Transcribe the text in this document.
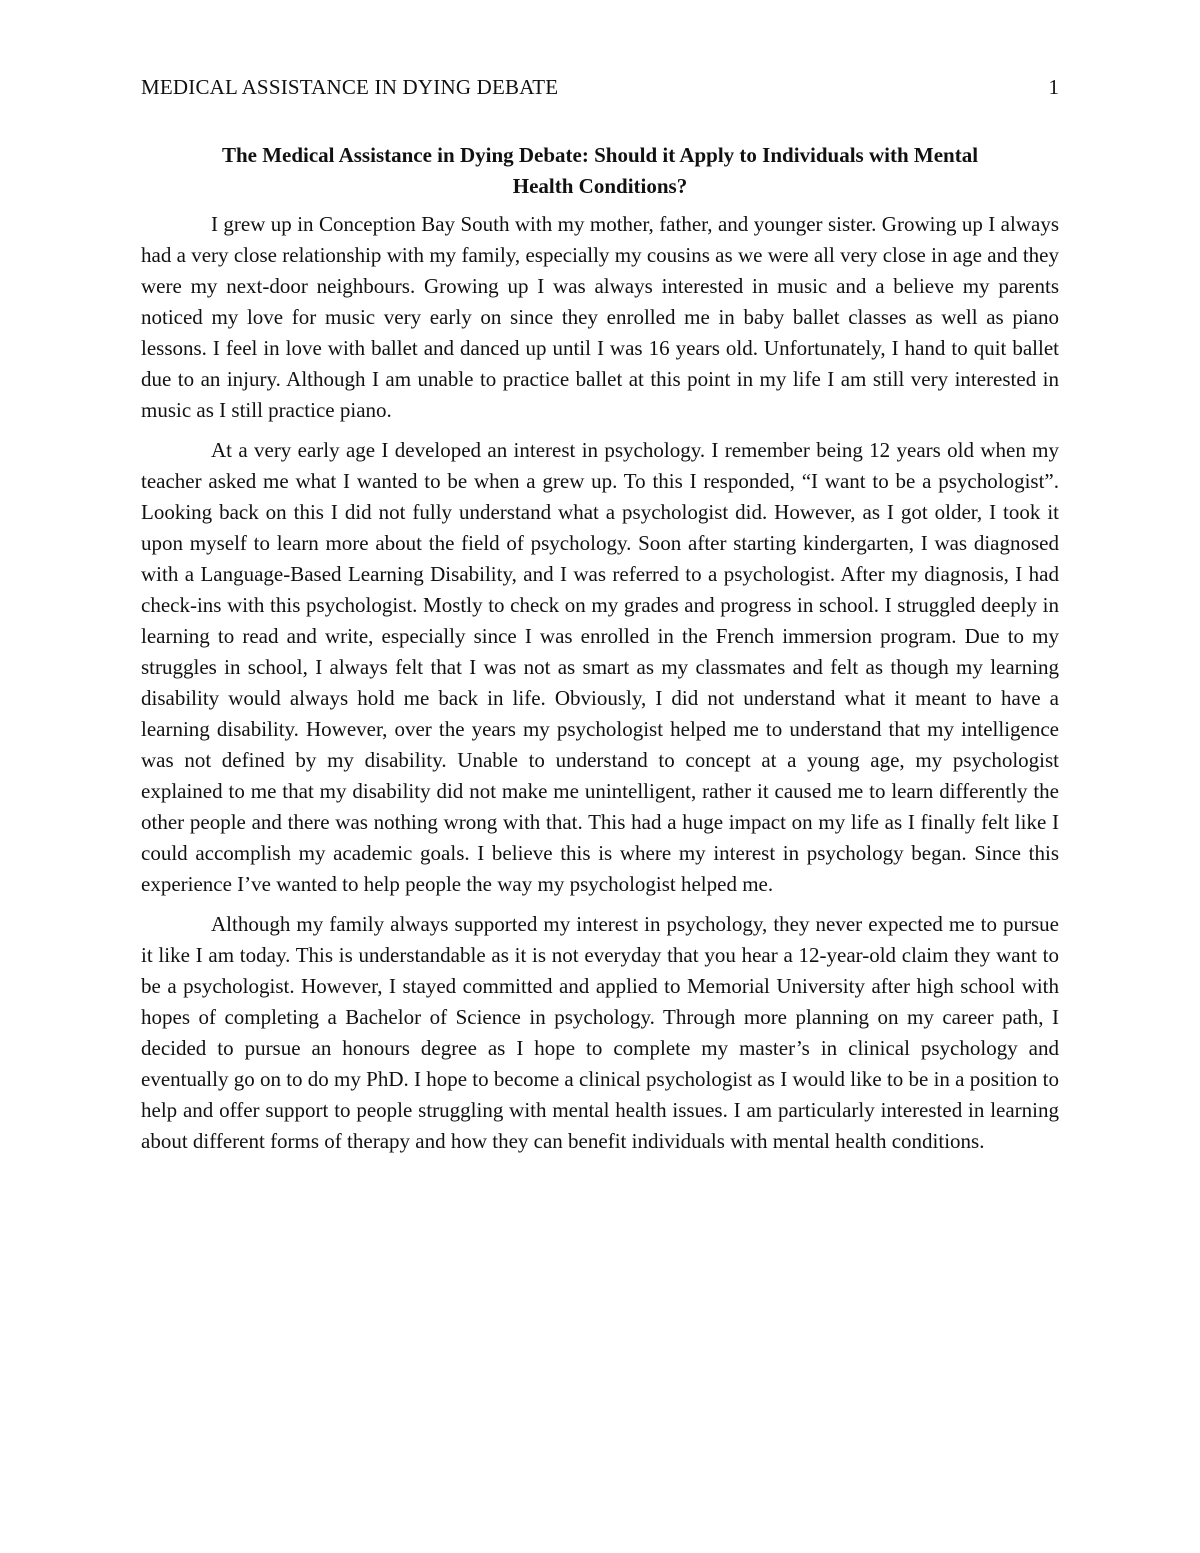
MEDICAL ASSISTANCE IN DYING DEBATE	1
The Medical Assistance in Dying Debate: Should it Apply to Individuals with Mental
Health Conditions?

I grew up in Conception Bay South with my mother, father, and younger sister. Growing up I always had a very close relationship with my family, especially my cousins as we were all very close in age and they were my next-door neighbours. Growing up I was always interested in music and a believe my parents noticed my love for music very early on since they enrolled me in baby ballet classes as well as piano lessons. I feel in love with ballet and danced up until I was 16 years old. Unfortunately, I hand to quit ballet due to an injury. Although I am unable to practice ballet at this point in my life I am still very interested in music as I still practice piano.

At a very early age I developed an interest in psychology. I remember being 12 years old when my teacher asked me what I wanted to be when a grew up. To this I responded, “I want to be a psychologist”. Looking back on this I did not fully understand what a psychologist did. However, as I got older, I took it upon myself to learn more about the field of psychology. Soon after starting kindergarten, I was diagnosed with a Language-Based Learning Disability, and I was referred to a psychologist. After my diagnosis, I had check-ins with this psychologist. Mostly to check on my grades and progress in school. I struggled deeply in learning to read and write, especially since I was enrolled in the French immersion program. Due to my struggles in school, I always felt that I was not as smart as my classmates and felt as though my learning disability would always hold me back in life. Obviously, I did not understand what it meant to have a learning disability. However, over the years my psychologist helped me to understand that my intelligence was not defined by my disability. Unable to understand to concept at a young age, my psychologist explained to me that my disability did not make me unintelligent, rather it caused me to learn differently the other people and there was nothing wrong with that. This had a huge impact on my life as I finally felt like I could accomplish my academic goals. I believe this is where my interest in psychology began. Since this experience I’ve wanted to help people the way my psychologist helped me.

Although my family always supported my interest in psychology, they never expected me to pursue it like I am today. This is understandable as it is not everyday that you hear a 12-year-old claim they want to be a psychologist. However, I stayed committed and applied to Memorial University after high school with hopes of completing a Bachelor of Science in psychology. Through more planning on my career path, I decided to pursue an honours degree as I hope to complete my master’s in clinical psychology and eventually go on to do my PhD. I hope to become a clinical psychologist as I would like to be in a position to help and offer support to people struggling with mental health issues. I am particularly interested in learning about different forms of therapy and how they can benefit individuals with mental health conditions.
